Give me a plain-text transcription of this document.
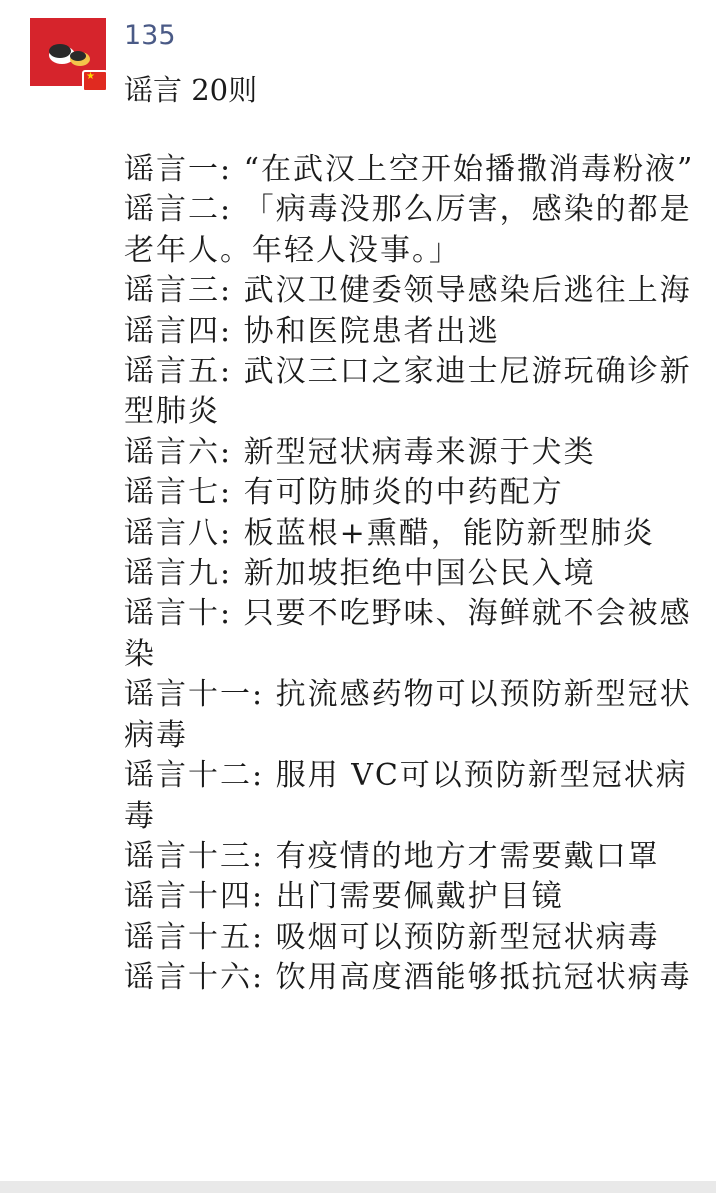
★
135
谣言 20则
谣言一: “在武汉上空开始播撒消毒粉液”
谣言二: 「病毒没那么厉害，感染的都是老年人。年轻人没事。」
谣言三: 武汉卫健委领导感染后逃往上海
谣言四: 协和医院患者出逃
谣言五: 武汉三口之家迪士尼游玩确诊新型肺炎
谣言六: 新型冠状病毒来源于犬类
谣言七: 有可防肺炎的中药配方
谣言八: 板蓝根+熏醋，能防新型肺炎
谣言九: 新加坡拒绝中国公民入境
谣言十: 只要不吃野味、海鲜就不会被感染
谣言十一: 抗流感药物可以预防新型冠状病毒
谣言十二: 服用 VC可以预防新型冠状病毒
谣言十三: 有疫情的地方才需要戴口罩
谣言十四: 出门需要佩戴护目镜
谣言十五: 吸烟可以预防新型冠状病毒
谣言十六: 饮用高度酒能够抵抗冠状病毒
